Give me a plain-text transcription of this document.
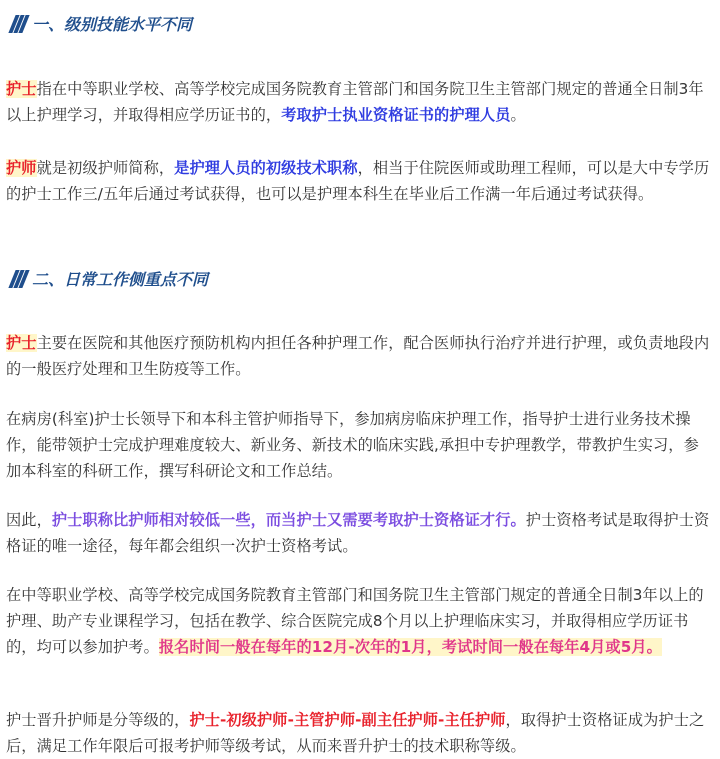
一、级别技能水平不同

护士指在中等职业学校、高等学校完成国务院教育主管部门和国务院卫生主管部门规定的普通全日制3年以上护理学习，并取得相应学历证书的，考取护士执业资格证书的护理人员。

护师就是初级护师简称，是护理人员的初级技术职称，相当于住院医师或助理工程师，可以是大中专学历的护士工作三/五年后通过考试获得，也可以是护理本科生在毕业后工作满一年后通过考试获得。

二、日常工作侧重点不同

护士主要在医院和其他医疗预防机构内担任各种护理工作，配合医师执行治疗并进行护理，或负责地段内的一般医疗处理和卫生防疫等工作。

在病房(科室)护士长领导下和本科主管护师指导下，参加病房临床护理工作，指导护士进行业务技术操作，能带领护士完成护理难度较大、新业务、新技术的临床实践,承担中专护理教学，带教护生实习，参加本科室的科研工作，撰写科研论文和工作总结。

因此，护士职称比护师相对较低一些，而当护士又需要考取护士资格证才行。护士资格考试是取得护士资格证的唯一途径，每年都会组织一次护士资格考试。

在中等职业学校、高等学校完成国务院教育主管部门和国务院卫生主管部门规定的普通全日制3年以上的护理、助产专业课程学习，包括在教学、综合医院完成8个月以上护理临床实习，并取得相应学历证书的，均可以参加护考。报名时间一般在每年的12月-次年的1月，考试时间一般在每年4月或5月。

护士晋升护师是分等级的，护士-初级护师-主管护师-副主任护师-主任护师，取得护士资格证成为护士之后，满足工作年限后可报考护师等级考试，从而来晋升护士的技术职称等级。
